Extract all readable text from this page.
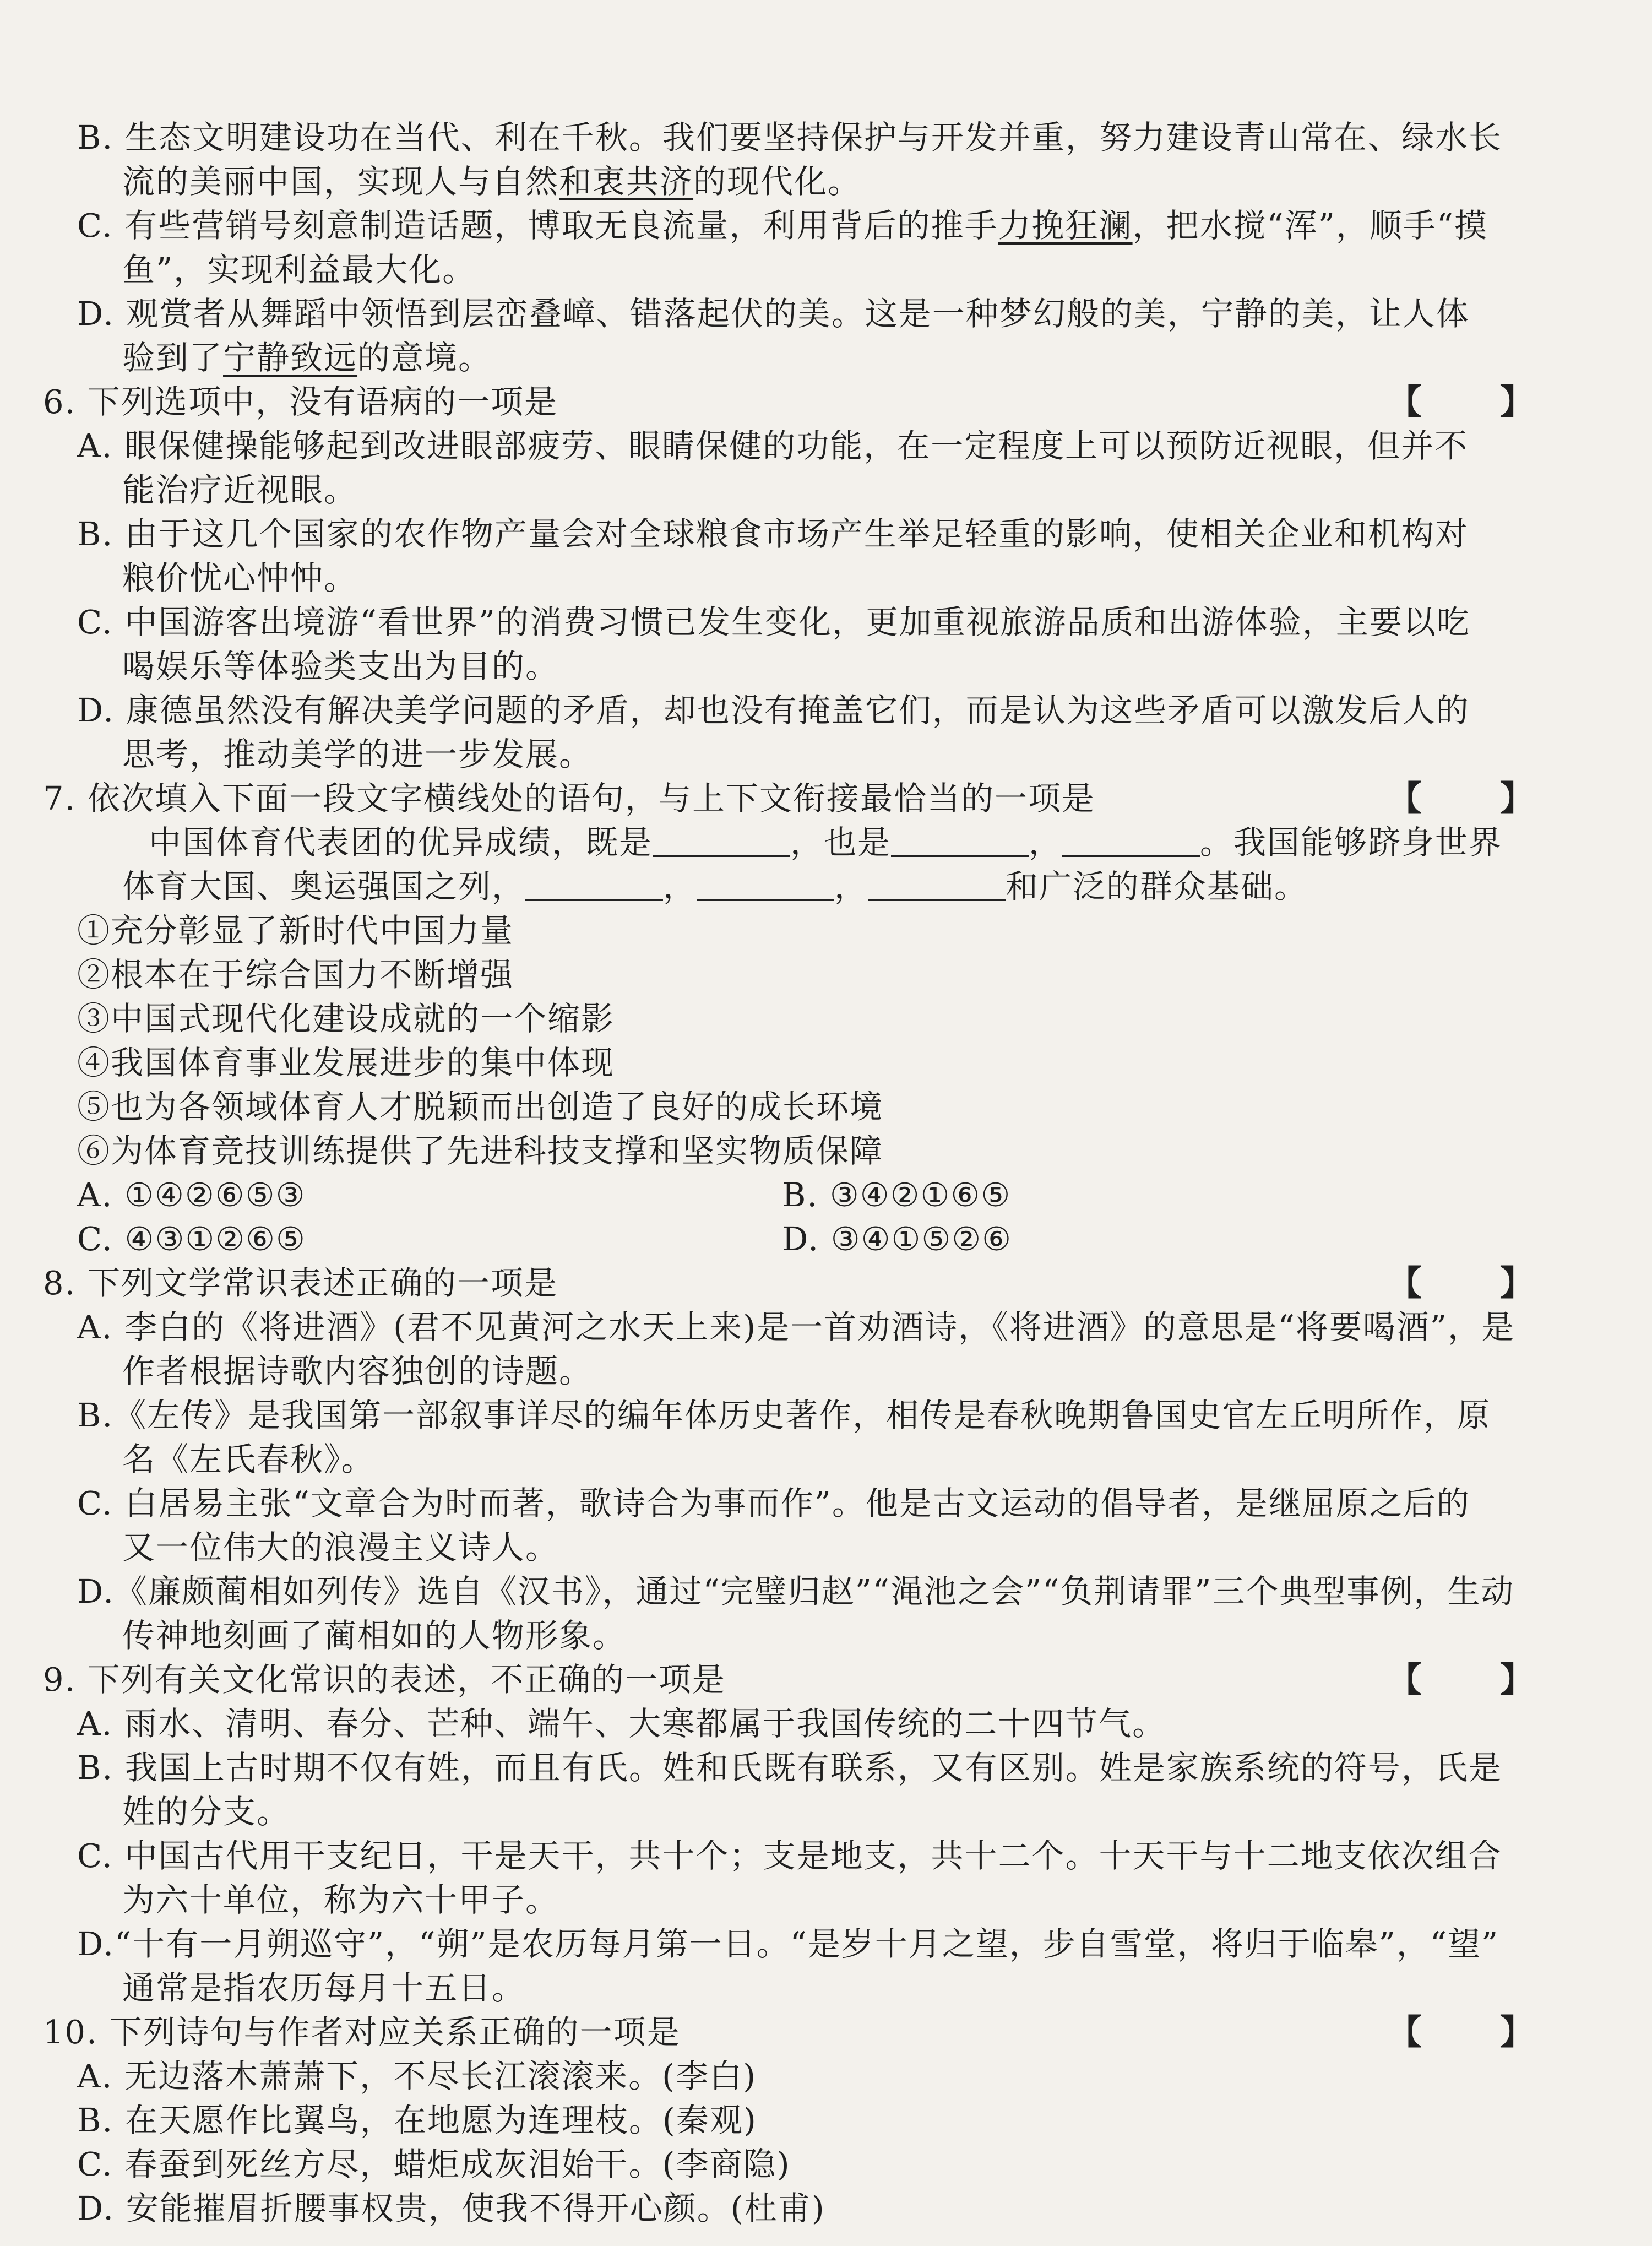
B. 生态文明建设功在当代、利在千秋。我们要坚持保护与开发并重，努力建设青山常在、绿水长
流的美丽中国，实现人与自然和衷共济的现代化。
C. 有些营销号刻意制造话题，博取无良流量，利用背后的推手力挽狂澜，把水搅“浑”，顺手“摸
鱼”，实现利益最大化。
D. 观赏者从舞蹈中领悟到层峦叠嶂、错落起伏的美。这是一种梦幻般的美，宁静的美，让人体
验到了宁静致远的意境。
6. 下列选项中，没有语病的一项是	【 】
A. 眼保健操能够起到改进眼部疲劳、眼睛保健的功能，在一定程度上可以预防近视眼，但并不
能治疗近视眼。
B. 由于这几个国家的农作物产量会对全球粮食市场产生举足轻重的影响，使相关企业和机构对
粮价忧心忡忡。
C. 中国游客出境游“看世界”的消费习惯已发生变化，更加重视旅游品质和出游体验，主要以吃
喝娱乐等体验类支出为目的。
D. 康德虽然没有解决美学问题的矛盾，却也没有掩盖它们，而是认为这些矛盾可以激发后人的
思考，推动美学的进一步发展。
7. 依次填入下面一段文字横线处的语句，与上下文衔接最恰当的一项是	【 】
中国体育代表团的优异成绩，既是	，也是	，	。我国能够跻身世界
体育大国、奥运强国之列，	，	，	和广泛的群众基础。
①充分彰显了新时代中国力量
②根本在于综合国力不断增强
③中国式现代化建设成就的一个缩影
④我国体育事业发展进步的集中体现
⑤也为各领域体育人才脱颖而出创造了良好的成长环境
⑥为体育竞技训练提供了先进科技支撑和坚实物质保障
A. ①④②⑥⑤③	B. ③④②①⑥⑤
C. ④③①②⑥⑤	D. ③④①⑤②⑥
8. 下列文学常识表述正确的一项是	【 】
A. 李白的《将进酒》(君不见黄河之水天上来)是一首劝酒诗，《将进酒》的意思是“将要喝酒”，是
作者根据诗歌内容独创的诗题。
B.《左传》是我国第一部叙事详尽的编年体历史著作，相传是春秋晚期鲁国史官左丘明所作，原
名《左氏春秋》。
C. 白居易主张“文章合为时而著，歌诗合为事而作”。他是古文运动的倡导者，是继屈原之后的
又一位伟大的浪漫主义诗人。
D.《廉颇蔺相如列传》选自《汉书》，通过“完璧归赵”“渑池之会”“负荆请罪”三个典型事例，生动
传神地刻画了蔺相如的人物形象。
9. 下列有关文化常识的表述，不正确的一项是	【 】
A. 雨水、清明、春分、芒种、端午、大寒都属于我国传统的二十四节气。
B. 我国上古时期不仅有姓，而且有氏。姓和氏既有联系，又有区别。姓是家族系统的符号，氏是
姓的分支。
C. 中国古代用干支纪日，干是天干，共十个；支是地支，共十二个。十天干与十二地支依次组合
为六十单位，称为六十甲子。
D.“十有一月朔巡守”，“朔”是农历每月第一日。“是岁十月之望，步自雪堂，将归于临皋”，“望”
通常是指农历每月十五日。
10. 下列诗句与作者对应关系正确的一项是	【 】
A. 无边落木萧萧下，不尽长江滚滚来。(李白)
B. 在天愿作比翼鸟，在地愿为连理枝。(秦观)
C. 春蚕到死丝方尽，蜡炬成灰泪始干。(李商隐)
D. 安能摧眉折腰事权贵，使我不得开心颜。(杜甫)
